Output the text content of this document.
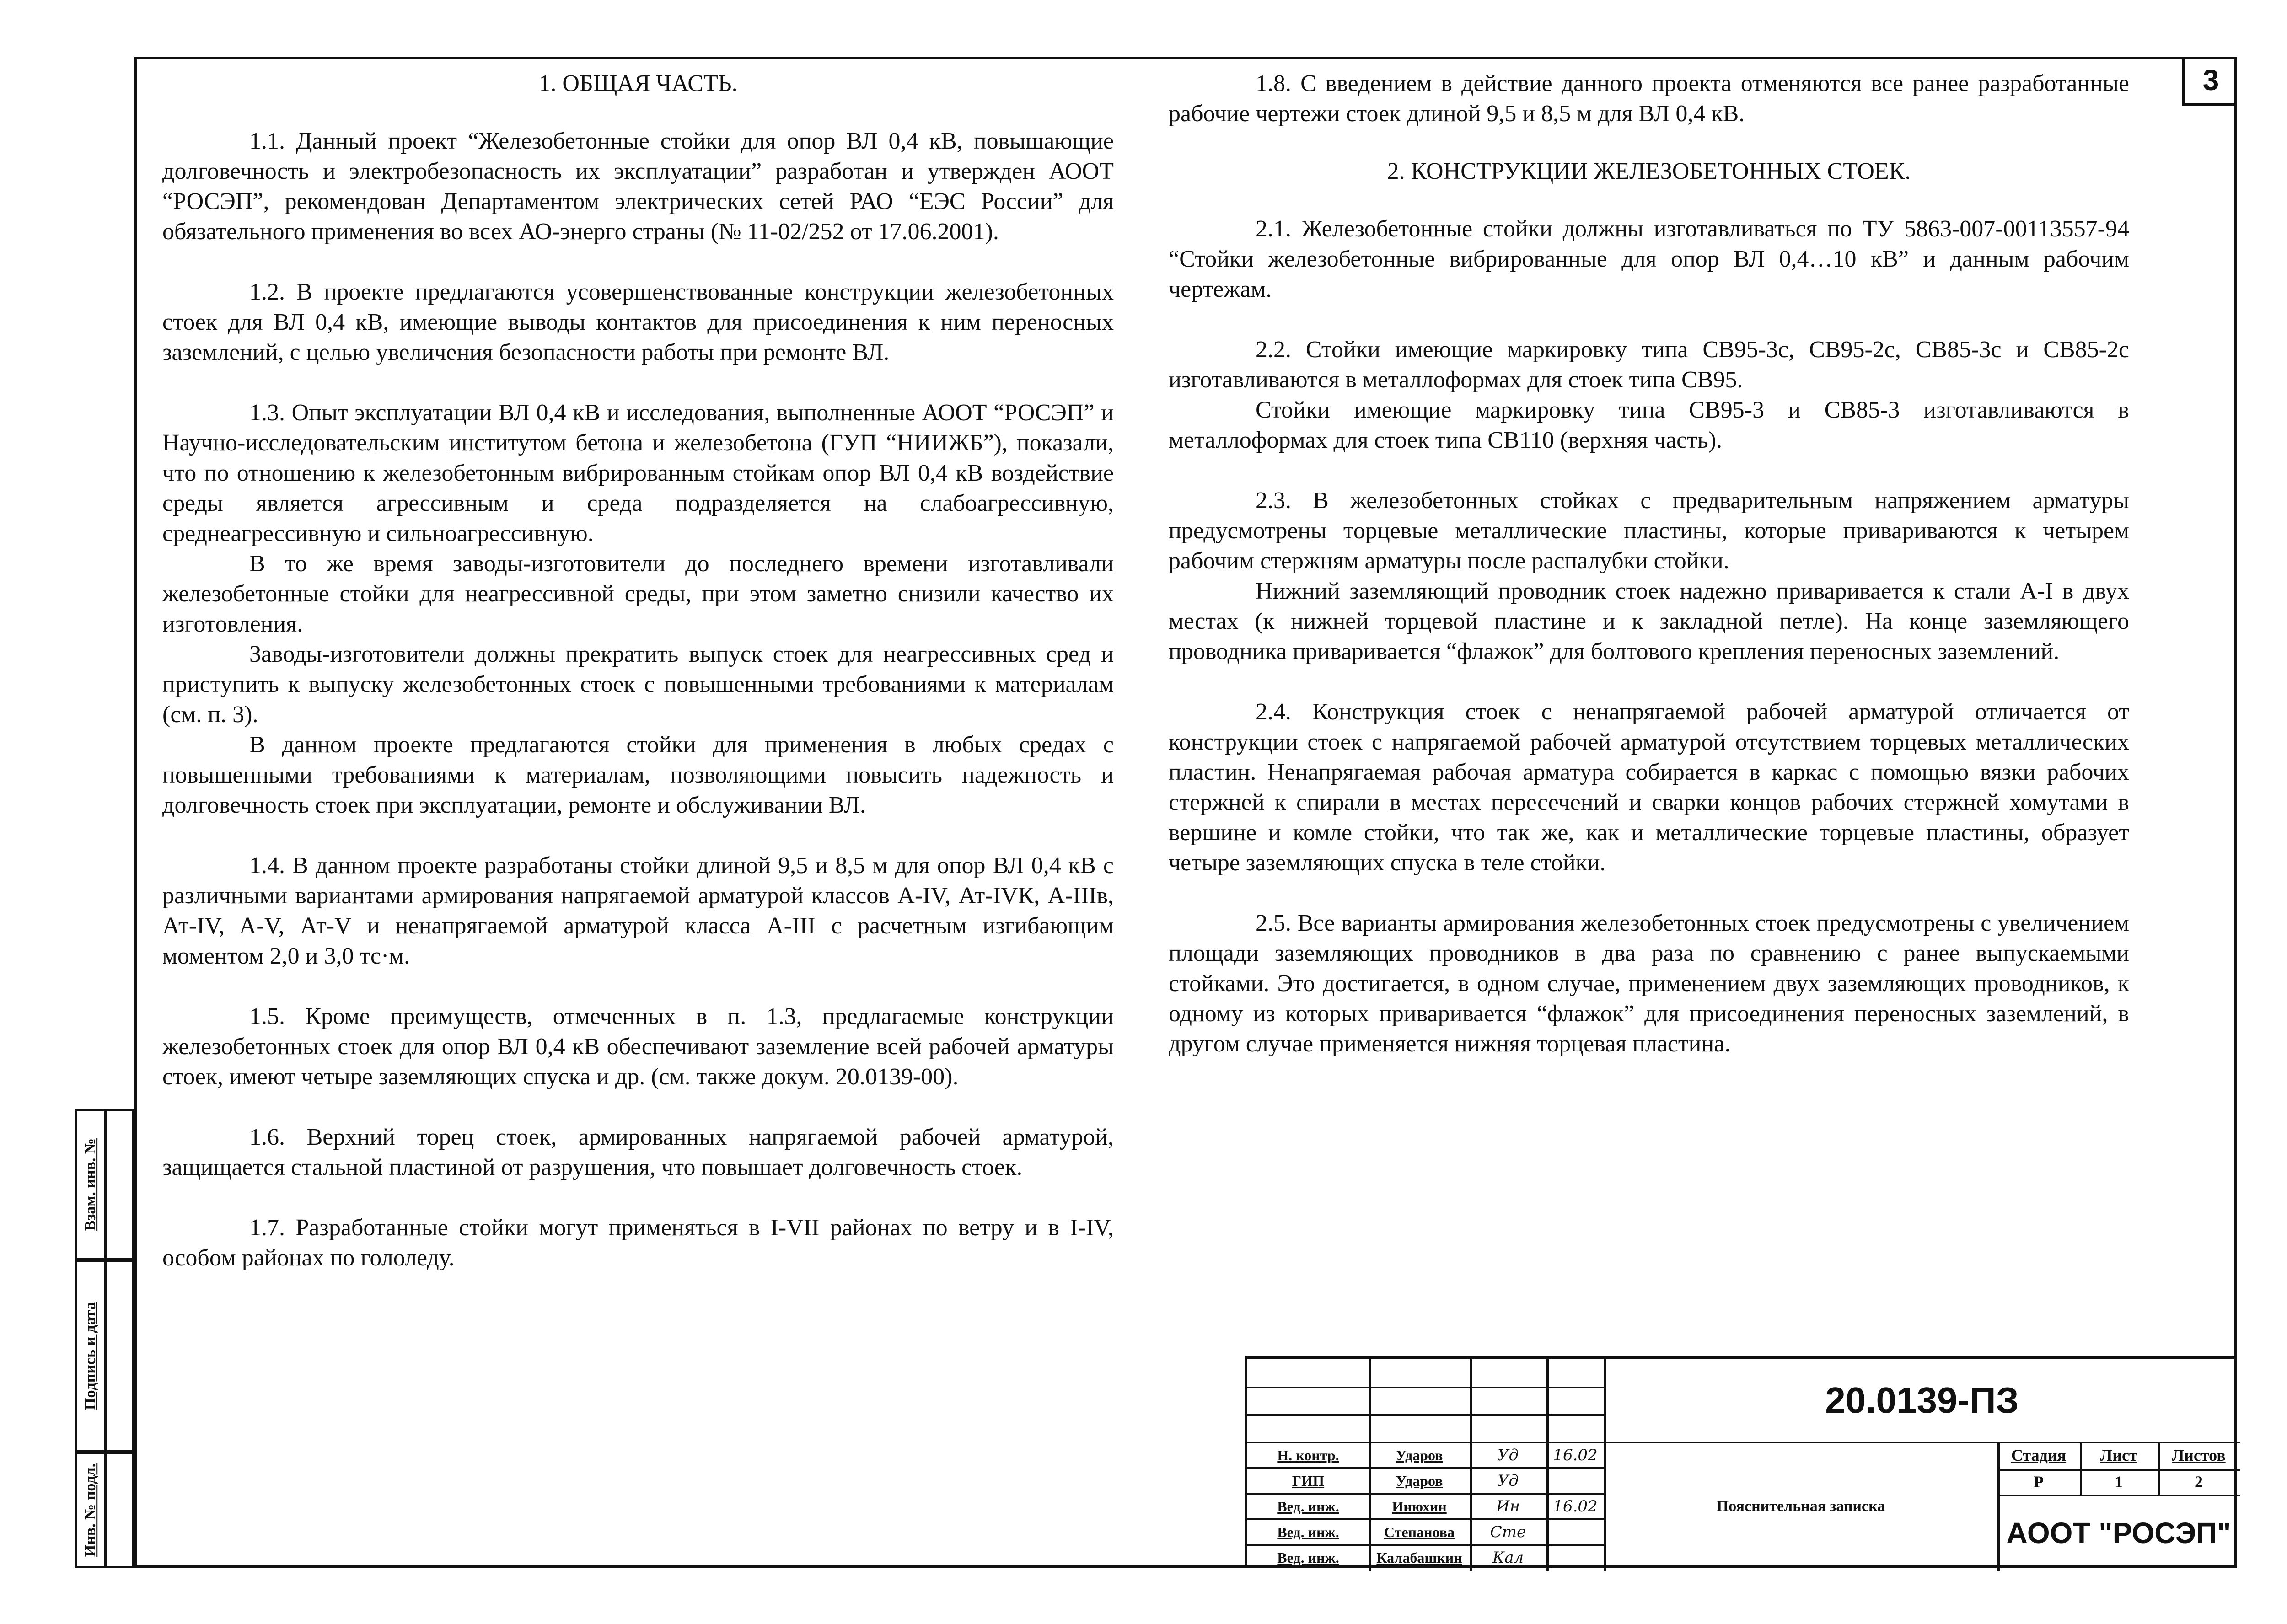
3
1. ОБЩАЯ ЧАСТЬ.

1.1. Данный проект “Железобетонные стойки для опор ВЛ 0,4 кВ, повышающие долговечность и электробезопасность их эксплуатации” разработан и утвержден АООТ “РОСЭП”, рекомендован Департаментом электрических сетей РАО “ЕЭС России” для обязательного применения во всех АО-энерго страны (№ 11-02/252 от 17.06.2001).

1.2. В проекте предлагаются усовершенствованные конструкции железобетонных стоек для ВЛ 0,4 кВ, имеющие выводы контактов для присоединения к ним переносных заземлений, с целью увеличения безопасности работы при ремонте ВЛ.

1.3. Опыт эксплуатации ВЛ 0,4 кВ и исследования, выполненные АООТ “РОСЭП” и Научно-исследовательским институтом бетона и железобетона (ГУП “НИИЖБ”), показали, что по отношению к железобетонным вибрированным стойкам опор ВЛ 0,4 кВ воздействие среды является агрессивным и среда подразделяется на слабоагрессивную, среднеагрессивную и сильноагрессивную.

В то же время заводы-изготовители до последнего времени изготавливали железобетонные стойки для неагрессивной среды, при этом заметно снизили качество их изготовления.

Заводы-изготовители должны прекратить выпуск стоек для неагрессивных сред и приступить к выпуску железобетонных стоек с повышенными требованиями к материалам (см. п. 3).

В данном проекте предлагаются стойки для применения в любых средах с повышенными требованиями к материалам, позволяющими повысить надежность и долговечность стоек при эксплуатации, ремонте и обслуживании ВЛ.

1.4. В данном проекте разработаны стойки длиной 9,5 и 8,5 м для опор ВЛ 0,4 кВ с различными вариантами армирования напрягаемой арматурой классов A-IV, Ат-IVК, А-IIIв, Ат-IV, A-V, Ат-V и ненапрягаемой арматурой класса А-III с расчетным изгибающим моментом 2,0 и 3,0 тс·м.

1.5. Кроме преимуществ, отмеченных в п. 1.3, предлагаемые конструкции железобетонных стоек для опор ВЛ 0,4 кВ обеспечивают заземление всей рабочей арматуры стоек, имеют четыре заземляющих спуска и др. (см. также докум. 20.0139-00).

1.6. Верхний торец стоек, армированных напрягаемой рабочей арматурой, защищается стальной пластиной от разрушения, что повышает долговечность стоек.

1.7. Разработанные стойки могут применяться в I-VII районах по ветру и в I-IV, особом районах по гололеду.

1.8. С введением в действие данного проекта отменяются все ранее разработанные рабочие чертежи стоек длиной 9,5 и 8,5 м для ВЛ 0,4 кВ.

2. КОНСТРУКЦИИ ЖЕЛЕЗОБЕТОННЫХ СТОЕК.

2.1. Железобетонные стойки должны изготавливаться по ТУ 5863-007-00113557-94 “Стойки железобетонные вибрированные для опор ВЛ 0,4…10 кВ” и данным рабочим чертежам.

2.2. Стойки имеющие маркировку типа СВ95-3с, СВ95-2с, СВ85-3с и СВ85-2с изготавливаются в металлоформах для стоек типа СВ95.

Стойки имеющие маркировку типа СВ95-3 и СВ85-3 изготавливаются в металлоформах для стоек типа СВ110 (верхняя часть).

2.3. В железобетонных стойках с предварительным напряжением арматуры предусмотрены торцевые металлические пластины, которые привариваются к четырем рабочим стержням арматуры после распалубки стойки.

Нижний заземляющий проводник стоек надежно приваривается к стали A-I в двух местах (к нижней торцевой пластине и к закладной петле). На конце заземляющего проводника приваривается “флажок” для болтового крепления переносных заземлений.

2.4. Конструкция стоек с ненапрягаемой рабочей арматурой отличается от конструкции стоек с напрягаемой рабочей арматурой отсутствием торцевых металлических пластин. Ненапрягаемая рабочая арматура собирается в каркас с помощью вязки рабочих стержней к спирали в местах пересечений и сварки концов рабочих стержней хомутами в вершине и комле стойки, что так же, как и металлические торцевые пластины, образует четыре заземляющих спуска в теле стойки.

2.5. Все варианты армирования железобетонных стоек предусмотрены с увеличением площади заземляющих проводников в два раза по сравнению с ранее выпускаемыми стойками. Это достигается, в одном случае, применением двух заземляющих проводников, к одному из которых приваривается “флажок” для присоединения переносных заземлений, в другом случае применяется нижняя торцевая пластина.

Взам. инв. №
Подпись и дата
Инв. № подл.
20.0139-ПЗ
Н. контр.	Ударов	Уд	16.02
ГИП	Ударов	Уд
Вед. инж.	Инюхин	Ин	16.02
Вед. инж.	Степанова	Сте
Вед. инж.	Калабашкин	Кал
Пояснительная записка
Стадия	Лист	Листов
Р	1	2
АООТ "РОСЭП"
